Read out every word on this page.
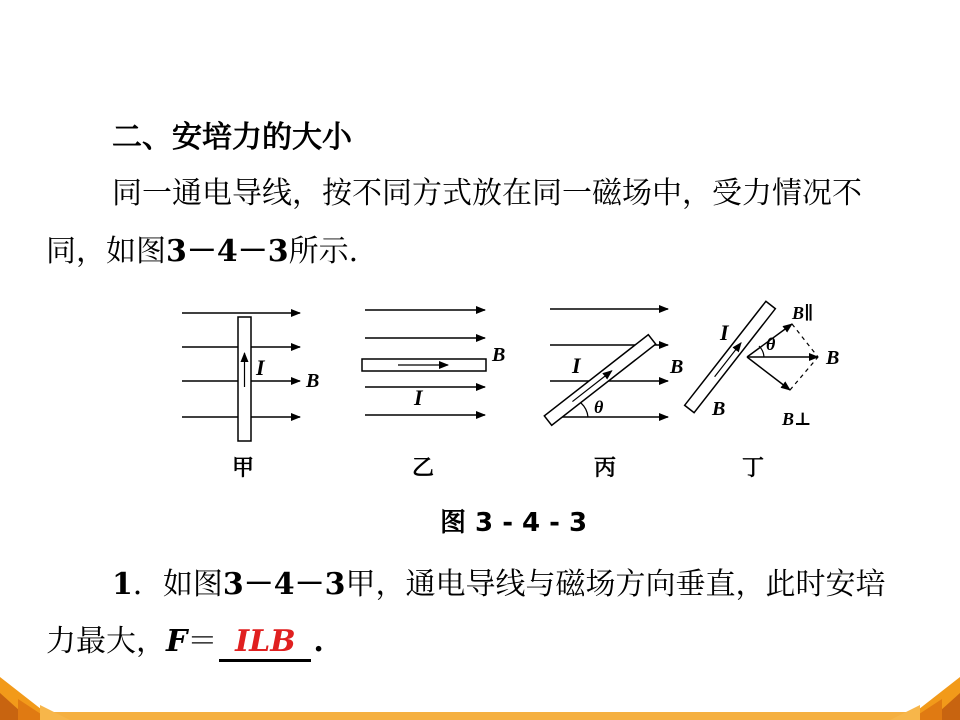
二、安培力的大小
同一通电导线，按不同方式放在同一磁场中，受力情况不
同，如图3－4－3所示.
I
B
甲
B
I
乙
θ
I	B
丙
θ
I
B∥
B
B	B⊥
丁
图 3 - 4 - 3
1．如图3－4－3甲，通电导线与磁场方向垂直，此时安培
力最大，F＝ ILB .
